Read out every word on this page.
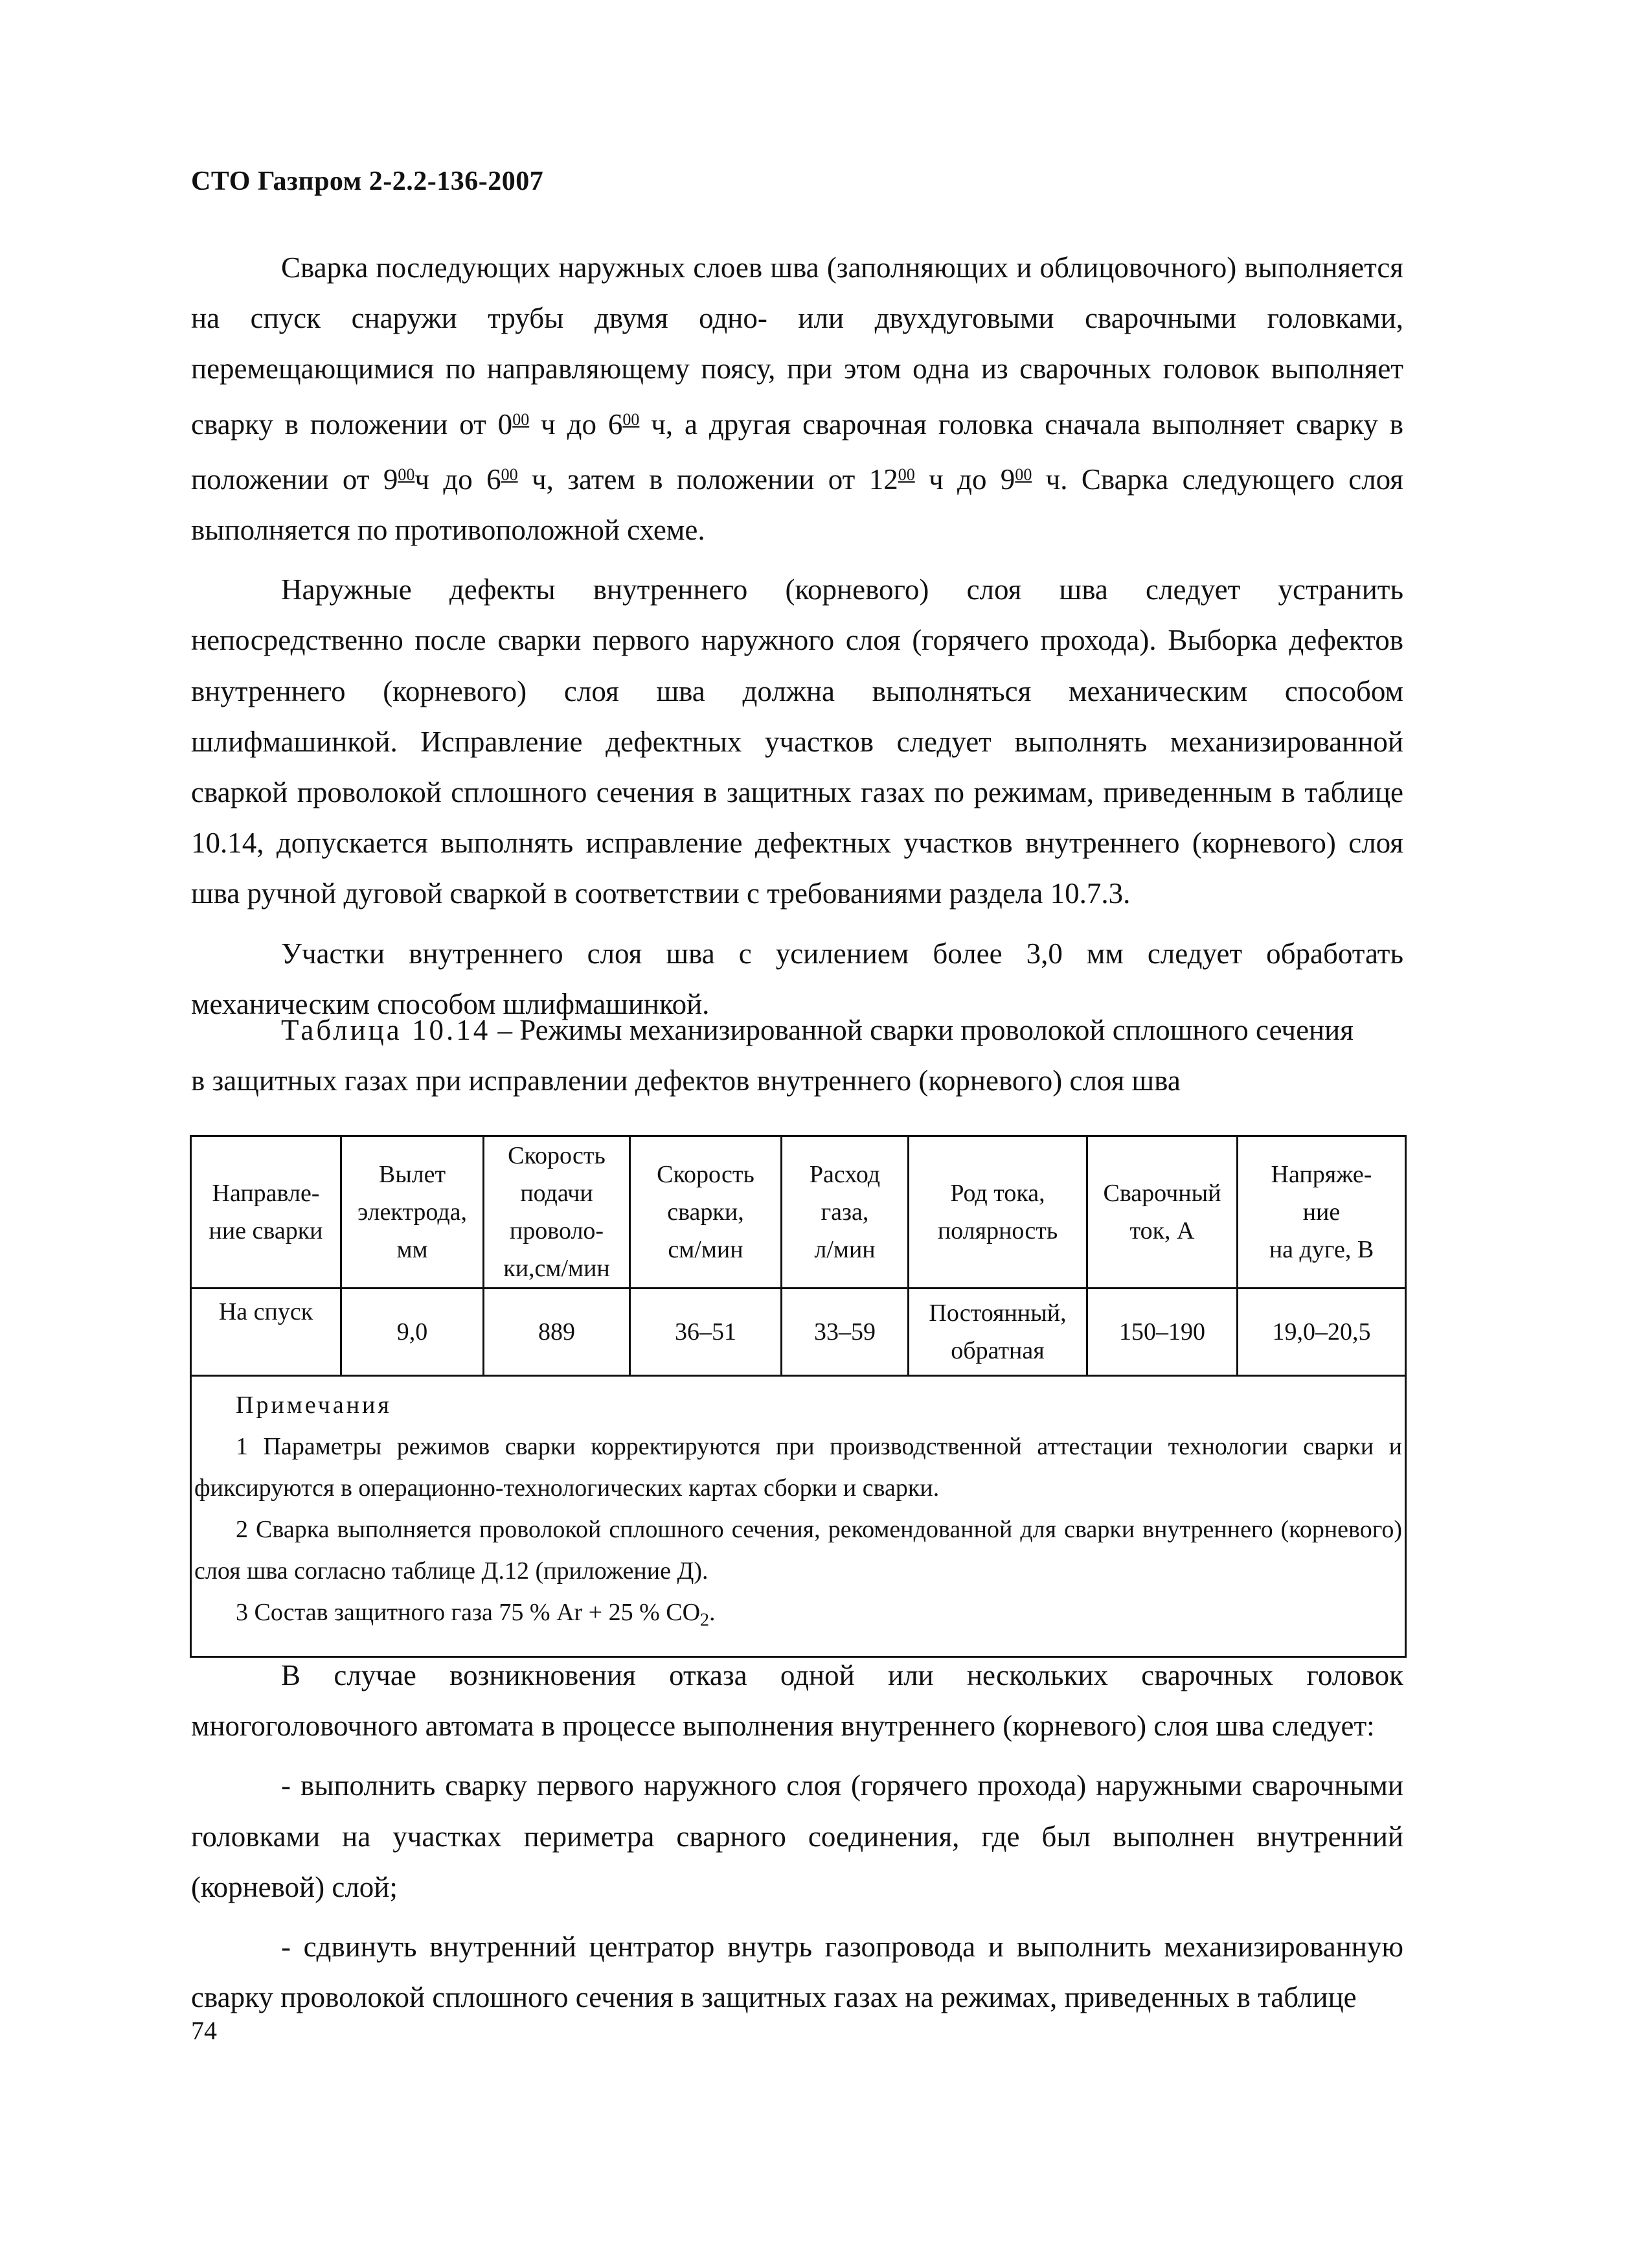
СТО Газпром 2-2.2-136-2007

Сварка последующих наружных слоев шва (заполняющих и облицовочного) выполняется на спуск снаружи трубы двумя одно- или двухдуговыми сварочными головками, перемещающимися по направляющему поясу, при этом одна из сварочных головок выполняет сварку в положении от $0^{00}$ ч до $6^{00}$ ч, а другая сварочная головка сначала выполняет сварку в положении от $9^{00}ч$ до $6^{00}$ ч, затем в положении от $12^{00}$ ч до $9^{00}$ ч. Сварка следующего слоя выполняется по противоположной схеме.

Наружные дефекты внутреннего (корневого) слоя шва следует устранить непосредственно после сварки первого наружного слоя (горячего прохода). Выборка дефектов внутреннего (корневого) слоя шва должна выполняться механическим способом шлифмашинкой. Исправление дефектных участков следует выполнять механизированной сваркой проволокой сплошного сечения в защитных газах по режимам, приведенным в таблице 10.14, допускается выполнять исправление дефектных участков внутреннего (корневого) слоя шва ручной дуговой сваркой в соответствии с требованиями раздела 10.7.3.

Участки внутреннего слоя шва с усилением более 3,0 мм следует обработать механическим способом шлифмашинкой.

Таблица 10.14 – Режимы механизированной сварки проволокой сплошного сечения
в защитных газах при исправлении дефектов внутреннего (корневого) слоя шва
Направле-
ние сварки	Вылет
электрода,
мм	Скорость
подачи
проволо-
ки,см/мин	Скорость
сварки,
см/мин	Расход
газа,
л/мин	Род тока,
полярность	Сварочный
ток, А	Напряже-
ние
на дуге, В
На спуск	9,0	889	36–51	33–59	Постоянный,
обратная	150–190	19,0–20,5

Примечания
1 Параметры режимов сварки корректируются при производственной аттестации технологии сварки и фиксируются в операционно-технологических картах сборки и сварки.
2 Сварка выполняется проволокой сплошного сечения, рекомендованной для сварки внутреннего (корневого) слоя шва согласно таблице Д.12 (приложение Д).
3 Состав защитного газа 75 % Ar + 25 % $CO_2$.							

В случае возникновения отказа одной или нескольких сварочных головок многоголовочного автомата в процессе выполнения внутреннего (корневого) слоя шва следует:

- выполнить сварку первого наружного слоя (горячего прохода) наружными сварочными головками на участках периметра сварного соединения, где был выполнен внутренний (корневой) слой;

- сдвинуть внутренний центратор внутрь газопровода и выполнить механизированную сварку проволокой сплошного сечения в защитных газах на режимах, приведенных в таблице

74
